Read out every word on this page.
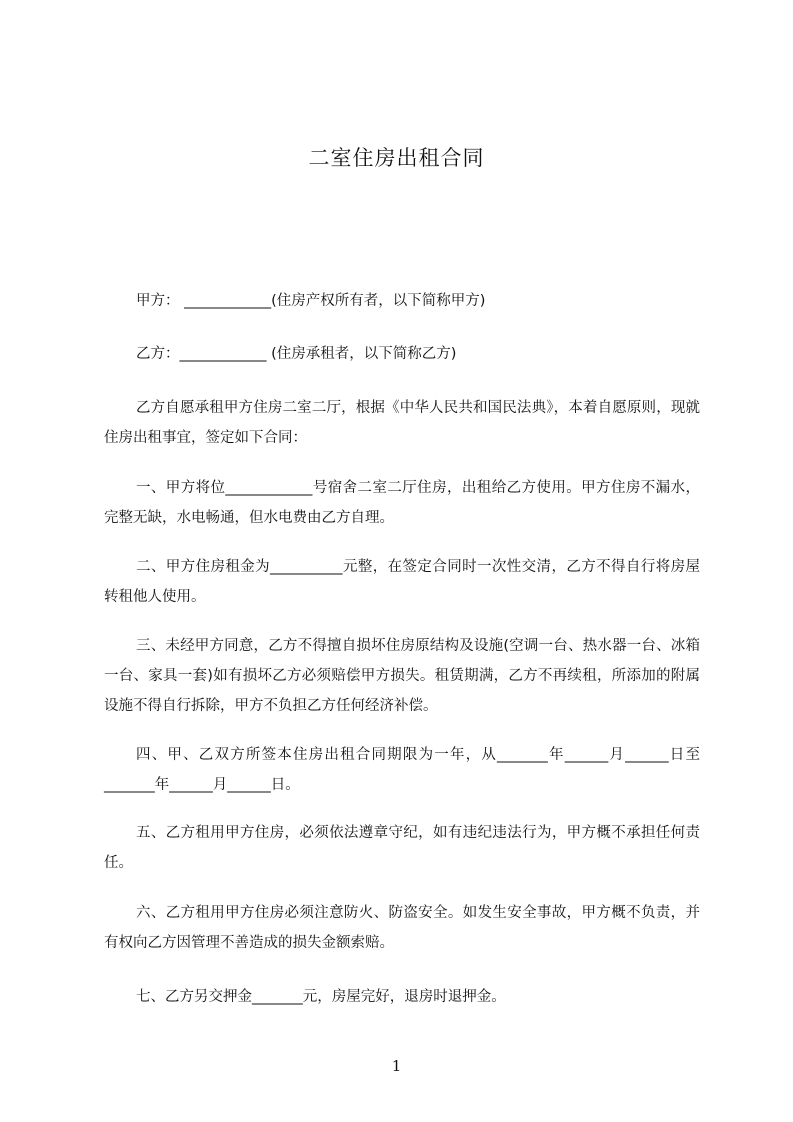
二室住房出租合同

甲方： ____________(住房产权所有者，以下简称甲方)

乙方：____________ (住房承租者，以下简称乙方)

乙方自愿承租甲方住房二室二厅，根据《中华人民共和国民法典》，本着自愿原则，现就住房出租事宜，签定如下合同：

一、甲方将位____________号宿舍二室二厅住房，出租给乙方使用。甲方住房不漏水，完整无缺，水电畅通，但水电费由乙方自理。

二、甲方住房租金为__________元整，在签定合同时一次性交清，乙方不得自行将房屋转租他人使用。

三、未经甲方同意，乙方不得擅自损坏住房原结构及设施(空调一台、热水器一台、冰箱一台、家具一套)如有损坏乙方必须赔偿甲方损失。租赁期满，乙方不再续租，所添加的附属设施不得自行拆除，甲方不负担乙方任何经济补偿。

四、甲、乙双方所签本住房出租合同期限为一年，从_______年______月______日至_______年______月______日。

五、乙方租用甲方住房，必须依法遵章守纪，如有违纪违法行为，甲方概不承担任何责任。

六、乙方租用甲方住房必须注意防火、防盗安全。如发生安全事故，甲方概不负责，并有权向乙方因管理不善造成的损失金额索赔。

七、乙方另交押金_______元，房屋完好，退房时退押金。

1
